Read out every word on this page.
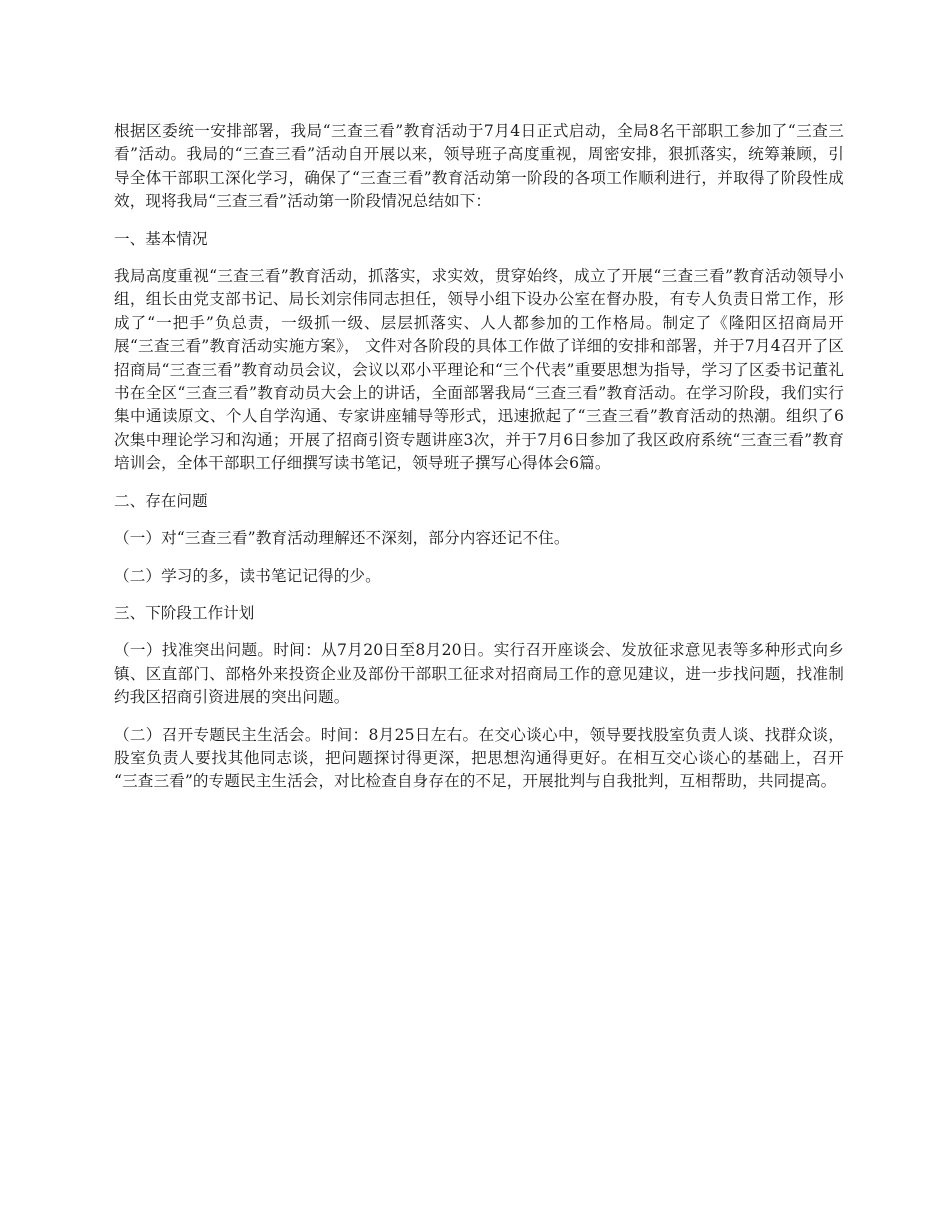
根据区委统一安排部署，我局“三查三看”教育活动于7月4日正式启动，全局8名干部职工参加了“三查三看”活动。我局的“三查三看”活动自开展以来，领导班子高度重视，周密安排，狠抓落实，统筹兼顾，引导全体干部职工深化学习，确保了“三查三看”教育活动第一阶段的各项工作顺利进行，并取得了阶段性成效，现将我局“三查三看”活动第一阶段情况总结如下：

一、基本情况

我局高度重视“三查三看”教育活动，抓落实，求实效，贯穿始终，成立了开展“三查三看”教育活动领导小组，组长由党支部书记、局长刘宗伟同志担任，领导小组下设办公室在督办股，有专人负责日常工作，形成了“一把手”负总责，一级抓一级、层层抓落实、人人都参加的工作格局。制定了《隆阳区招商局开展“三查三看”教育活动实施方案》， 文件对各阶段的具体工作做了详细的安排和部署，并于7月4召开了区招商局“三查三看”教育动员会议，会议以邓小平理论和“三个代表”重要思想为指导，学习了区委书记董礼书在全区“三查三看”教育动员大会上的讲话，全面部署我局“三查三看”教育活动。在学习阶段，我们实行集中通读原文、个人自学沟通、专家讲座辅导等形式，迅速掀起了“三查三看”教育活动的热潮。组织了6次集中理论学习和沟通；开展了招商引资专题讲座3次，并于7月6日参加了我区政府系统“三查三看”教育培训会，全体干部职工仔细撰写读书笔记，领导班子撰写心得体会6篇。

二、存在问题

（一）对“三查三看”教育活动理解还不深刻，部分内容还记不住。

（二）学习的多，读书笔记记得的少。

三、下阶段工作计划

（一）找准突出问题。时间：从7月20日至8月20日。实行召开座谈会、发放征求意见表等多种形式向乡镇、区直部门、部格外来投资企业及部份干部职工征求对招商局工作的意见建议，进一步找问题，找准制约我区招商引资进展的突出问题。

（二）召开专题民主生活会。时间：8月25日左右。在交心谈心中，领导要找股室负责人谈、找群众谈，股室负责人要找其他同志谈，把问题探讨得更深，把思想沟通得更好。在相互交心谈心的基础上，召开 “三查三看”的专题民主生活会，对比检查自身存在的不足，开展批判与自我批判，互相帮助，共同提高。
